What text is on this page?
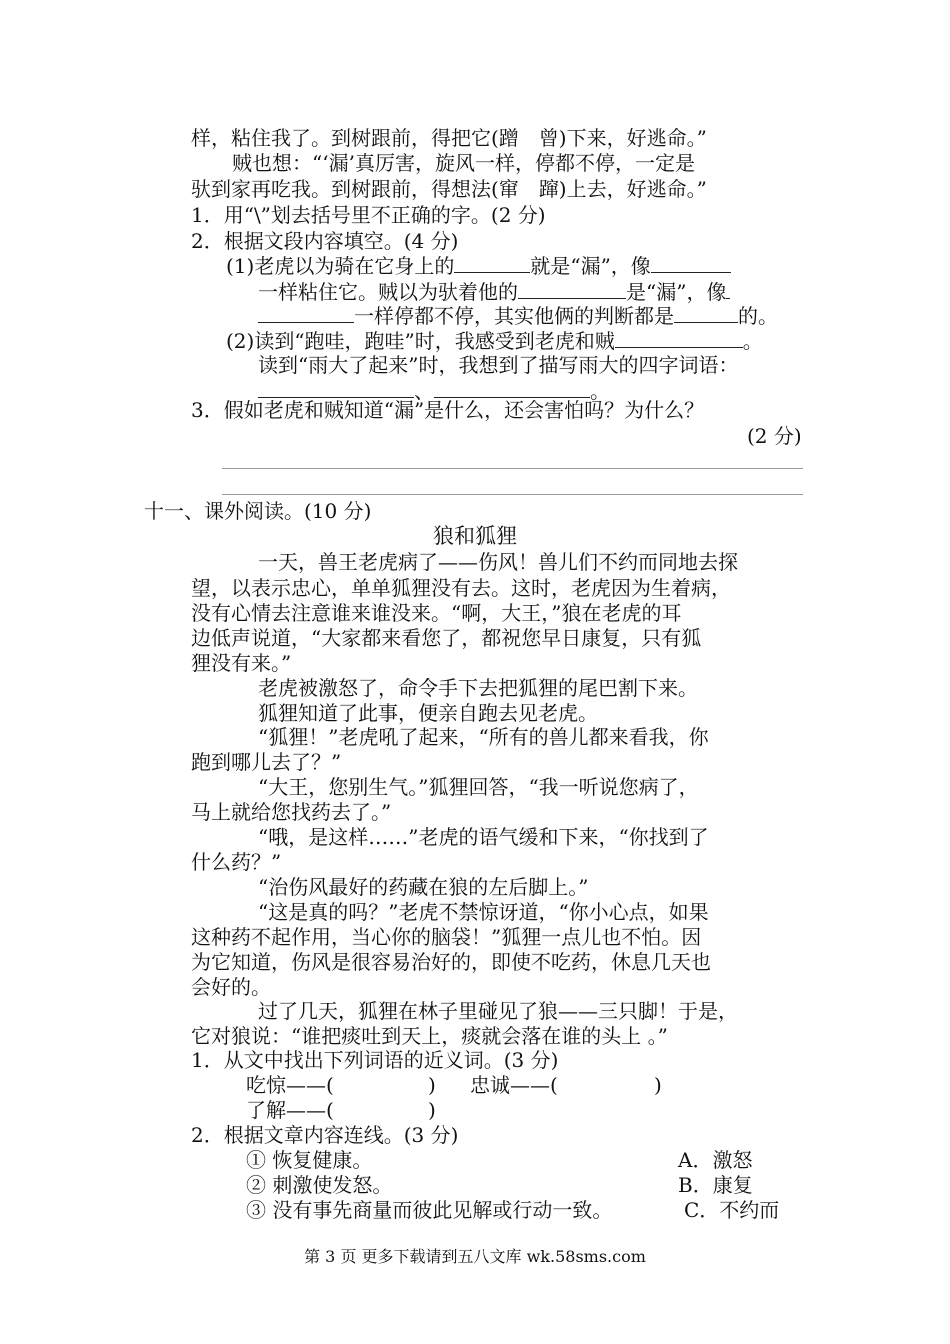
样，粘住我了。到树跟前，得把它(蹭　曾)下来，好逃命。”
贼也想：“‘漏’真厉害，旋风一样，停都不停，一定是
驮到家再吃我。到树跟前，得想法(窜　蹿)上去，好逃命。”
1．用“\”划去括号里不正确的字。(2 分)
2．根据文段内容填空。(4 分)
(1)老虎以为骑在它身上的	就是“漏”，像
一样粘住它。贼以为驮着他的	是“漏”，像
一样停都不停，其实他俩的判断都是	的。
(2)读到“跑哇，跑哇”时，我感受到老虎和贼	。
读到“雨大了起来”时，我想到了描写雨大的四字词语：
、	。
3．假如老虎和贼知道“漏”是什么，还会害怕吗？为什么？
(2 分)
十一、课外阅读。(10 分)
狼和狐狸
一天，兽王老虎病了——伤风！兽儿们不约而同地去探
望，以表示忠心，单单狐狸没有去。这时，老虎因为生着病，
没有心情去注意谁来谁没来。“啊，大王，”狼在老虎的耳
边低声说道，“大家都来看您了，都祝您早日康复，只有狐
狸没有来。”
老虎被激怒了，命令手下去把狐狸的尾巴割下来。
狐狸知道了此事，便亲自跑去见老虎。
“狐狸！”老虎吼了起来，“所有的兽儿都来看我，你
跑到哪儿去了？”
“大王，您别生气。”狐狸回答，“我一听说您病了，
马上就给您找药去了。”
“哦，是这样……”老虎的语气缓和下来，“你找到了
什么药？”
“治伤风最好的药藏在狼的左后脚上。”
“这是真的吗？”老虎不禁惊讶道，“你小心点，如果
这种药不起作用，当心你的脑袋！”狐狸一点儿也不怕。因
为它知道，伤风是很容易治好的，即使不吃药，休息几天也
会好的。
过了几天，狐狸在林子里碰见了狼——三只脚！于是，
它对狼说：“谁把痰吐到天上，痰就会落在谁的头上 。”
1．从文中找出下列词语的近义词。(3 分)
吃惊——(	) 忠诚——(	)
了解——(	)
2．根据文章内容连线。(3 分)
① 恢复健康。
② 刺激使发怒。
③ 没有事先商量而彼此见解或行动一致。
A．激怒
B．康复
C．不约而
第 3 页 更多下载请到五八文库 wk.58sms.com
